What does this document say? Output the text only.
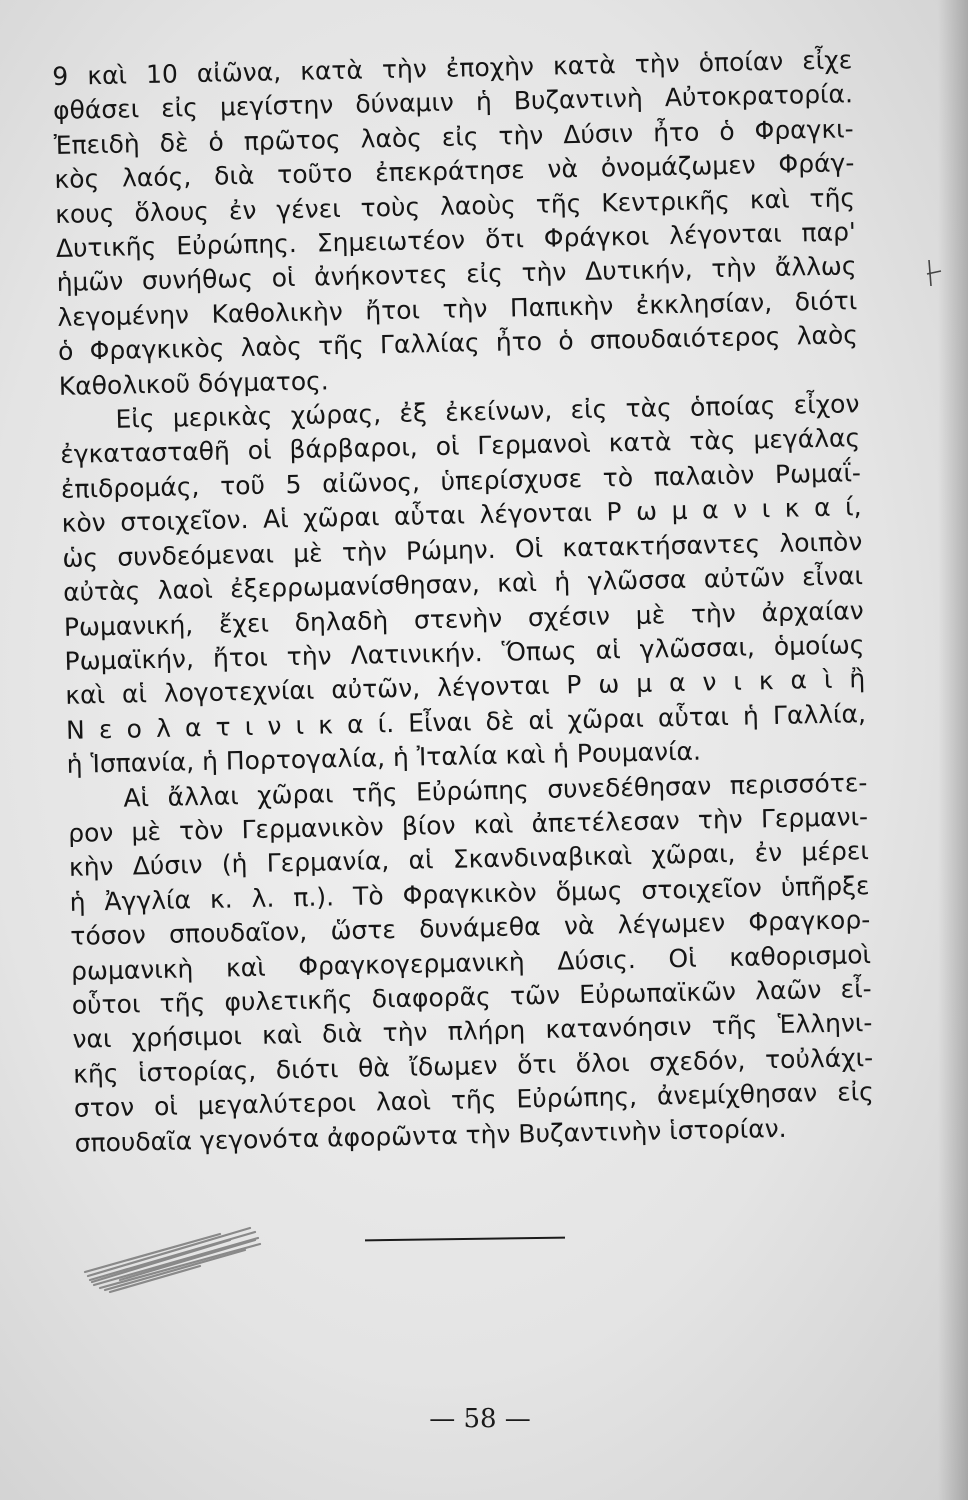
9 καὶ 10 αἰῶνα, κατὰ τὴν ἐποχὴν κατὰ τὴν ὁποίαν εἶχε
φθάσει εἰς μεγίστην δύναμιν ἡ Βυζαντινὴ Αὐτοκρατορία.
Ἐπειδὴ δὲ ὁ πρῶτος λαὸς εἰς τὴν Δύσιν ἦτο ὁ Φραγκι-
κὸς λαός, διὰ τοῦτο ἐπεκράτησε νὰ ὀνομάζωμεν Φράγ-
κους ὅλους ἐν γένει τοὺς λαοὺς τῆς Κεντρικῆς καὶ τῆς
Δυτικῆς Εὐρώπης. Σημειωτέον ὅτι Φράγκοι λέγονται παρ'
ἡμῶν συνήθως οἱ ἀνήκοντες εἰς τὴν Δυτικήν, τὴν ἄλλως
λεγομένην Καθολικὴν ἤτοι τὴν Παπικὴν ἐκκλησίαν, διότι
ὁ Φραγκικὸς λαὸς τῆς Γαλλίας ἦτο ὁ σπουδαιότερος λαὸς
Καθολικοῦ δόγματος.
Εἰς μερικὰς χώρας, ἐξ ἐκείνων, εἰς τὰς ὁποίας εἶχον
ἐγκατασταθῆ οἱ βάρβαροι, οἱ Γερμανοὶ κατὰ τὰς μεγάλας
ἐπιδρομάς, τοῦ 5 αἰῶνος, ὑπερίσχυσε τὸ παλαιὸν Ρωμαΐ-
κὸν στοιχεῖον. Αἱ χῶραι αὗται λέγονται Ρ ω μ α ν ι κ α ί,
ὡς συνδεόμεναι μὲ τὴν Ρώμην. Οἱ κατακτήσαντες λοιπὸν
αὐτὰς λαοὶ ἐξερρωμανίσθησαν, καὶ ἡ γλῶσσα αὐτῶν εἶναι
Ρωμανική, ἔχει δηλαδὴ στενὴν σχέσιν μὲ τὴν ἀρχαίαν
Ρωμαϊκήν, ἤτοι τὴν Λατινικήν. Ὅπως αἱ γλῶσσαι, ὁμοίως
καὶ αἱ λογοτεχνίαι αὐτῶν, λέγονται Ρ ω μ α ν ι κ α ὶ ἢ
Ν ε ο λ α τ ι ν ι κ α ί. Εἶναι δὲ αἱ χῶραι αὗται ἡ Γαλλία,
ἡ Ἱσπανία, ἡ Πορτογαλία, ἡ Ἰταλία καὶ ἡ Ρουμανία.
Αἱ ἄλλαι χῶραι τῆς Εὐρώπης συνεδέθησαν περισσότε-
ρον μὲ τὸν Γερμανικὸν βίον καὶ ἀπετέλεσαν τὴν Γερμανι-
κὴν Δύσιν (ἡ Γερμανία, αἱ Σκανδιναβικαὶ χῶραι, ἐν μέρει
ἡ Ἀγγλία κ. λ. π.). Τὸ Φραγκικὸν ὅμως στοιχεῖον ὑπῆρξε
τόσον σπουδαῖον, ὥστε δυνάμεθα νὰ λέγωμεν Φραγκορ-
ρωμανικὴ καὶ Φραγκογερμανικὴ Δύσις. Οἱ καθορισμοὶ
οὗτοι τῆς φυλετικῆς διαφορᾶς τῶν Εὐρωπαϊκῶν λαῶν εἶ-
ναι χρήσιμοι καὶ διὰ τὴν πλήρη κατανόησιν τῆς Ἑλληνι-
κῆς ἱστορίας, διότι θὰ ἴδωμεν ὅτι ὅλοι σχεδόν, τοὐλάχι-
στον οἱ μεγαλύτεροι λαοὶ τῆς Εὐρώπης, ἀνεμίχθησαν εἰς
σπουδαῖα γεγονότα ἀφορῶντα τὴν Βυζαντινὴν ἱστορίαν.
— 58 —
